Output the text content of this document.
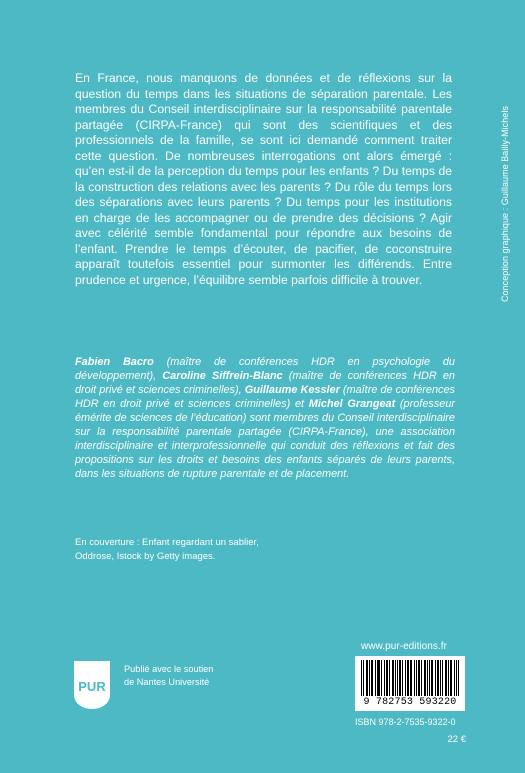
En France, nous manquons de données et de réflexions sur la question du temps dans les situations de séparation parentale. Les membres du Conseil interdisciplinaire sur la responsabilité parentale partagée (CIRPA-France) qui sont des scientifiques et des professionnels de la famille, se sont ici demandé comment traiter cette question. De nombreuses interrogations ont alors émergé : qu’en est-il de la perception du temps pour les enfants ? Du temps de la construction des relations avec les parents ? Du rôle du temps lors des séparations avec leurs parents ? Du temps pour les institutions en charge de les accompagner ou de prendre des décisions ? Agir avec célérité semble fondamental pour répondre aux besoins de l’enfant. Prendre le temps d’écouter, de pacifier, de coconstruire apparaît toutefois essentiel pour surmonter les différends. Entre prudence et urgence, l’équilibre semble parfois difficile à trouver.	Conception graphique : Guillaume Bailly-Michels
Fabien Bacro (maître de conférences HDR en psychologie du développement), Caroline Siffrein-Blanc (maître de conférences HDR en droit privé et sciences criminelles), Guillaume Kessler (maître de conférences HDR en droit privé et sciences criminelles) et Michel Grangeat (professeur émérite de sciences de l’éducation) sont membres du Conseil interdisciplinaire sur la responsabilité parentale partagée (CIRPA-France), une association interdisciplinaire et interprofessionnelle qui conduit des réflexions et fait des propositions sur les droits et besoins des enfants séparés de leurs parents, dans les situations de rupture parentale et de placement.
En couverture : Enfant regardant un sablier,
Oddrose, Istock by Getty images.
PUR
Publié avec le soutien
de Nantes Université
www.pur-editions.fr
9 782753 593220
ISBN 978-2-7535-9322-0
22 €
